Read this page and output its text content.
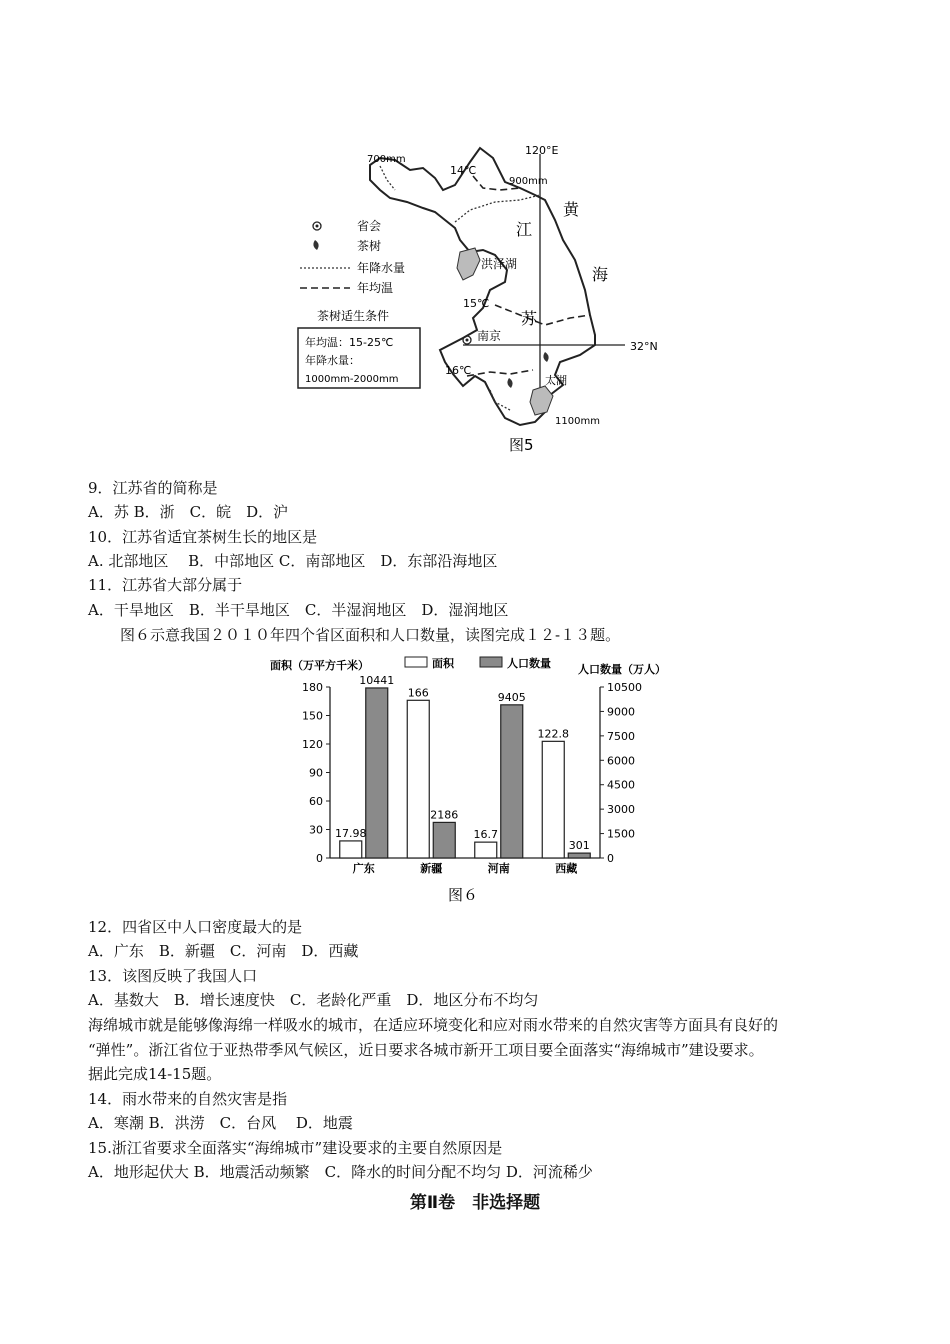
120°E
32°N
700mm
900mm
1100mm
14℃
15℃
16℃
洪泽湖
太湖
江
苏
黄
海
南京
省会
茶树
年降水量
年均温
茶树适生条件
年均温：15-25℃
年降水量：
1000mm-2000mm
图5
9．江苏省的简称是
A．苏 B．浙　C．皖　D．沪
10．江苏省适宜茶树生长的地区是
A. 北部地区　 B．中部地区 C．南部地区　D．东部沿海地区
11．江苏省大部分属于
A．干旱地区　B．半干旱地区　C．半湿润地区　D．湿润地区
图６示意我国２０１０年四个省区面积和人口数量，读图完成１２-１３题。
面积（万平方千米）	人口数量（万人）
面积	人口数量
0
30
60
90
120
150
180
0
1500
3000
4500
6000
7500
9000
10500
17.98
10441
广东
166
2186
新疆
16.7
9405
河南
122.8
301
西藏
图６
12．四省区中人口密度最大的是
A．广东　B．新疆　C．河南　D．西藏
13．该图反映了我国人口
A．基数大　B．增长速度快　C．老龄化严重　D．地区分布不均匀
海绵城市就是能够像海绵一样吸水的城市，在适应环境变化和应对雨水带来的自然灾害等方面具有良好的
“弹性”。浙江省位于亚热带季风气候区，近日要求各城市新开工项目要全面落实“海绵城市”建设要求。
据此完成14-15题。
14．雨水带来的自然灾害是指
A．寒潮 B．洪涝　C．台风　 D．地震
15.浙江省要求全面落实“海绵城市”建设要求的主要自然原因是
A．地形起伏大 B．地震活动频繁　C．降水的时间分配不均匀 D．河流稀少
第Ⅱ卷　非选择题
